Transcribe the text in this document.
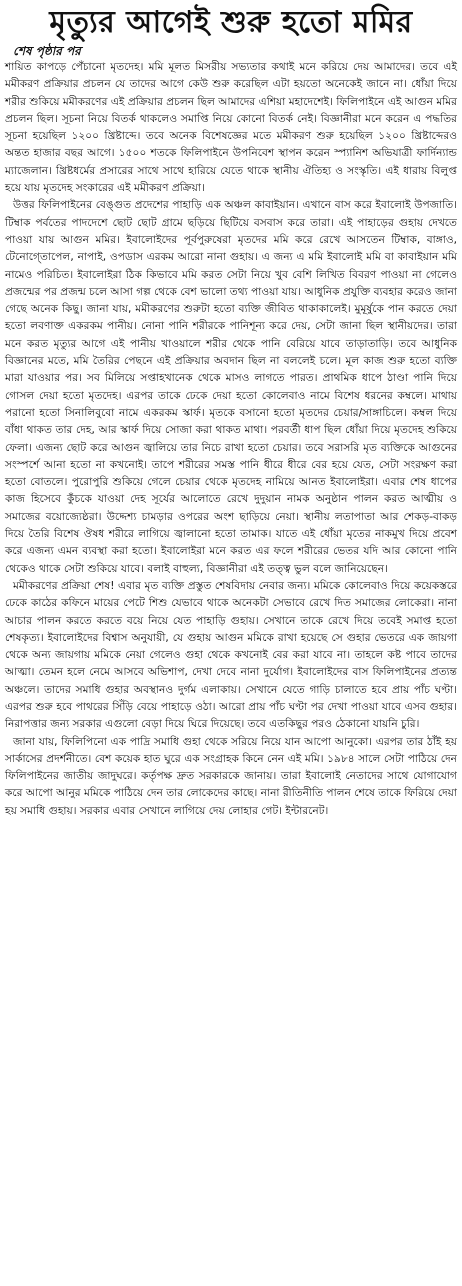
মৃত্যুর আগেই শুরু হতো মমির
শেষ পৃষ্ঠার পর

শায়িত কাপড়ে পেঁচানো মৃতদেহ। মমি মূলত মিসরীয় সভ্যতার কথাই মনে করিয়ে দেয় আমাদের। তবে এই মমীকরণ প্রক্রিয়ার প্রচলন যে তাদের আগে কেউ শুরু করেছিল এটা হয়তো অনেকেই জানে না। ধোঁয়া দিয়ে শরীর শুকিয়ে মমীকরণের এই প্রক্রিয়ার প্রচলন ছিল আমাদের এশিয়া মহাদেশেই। ফিলিপাইনে এই আগুন মমির প্রচলন ছিল। সূচনা নিয়ে বিতর্ক থাকলেও সমাপ্তি নিয়ে কোনো বিতর্ক নেই। বিজ্ঞানীরা মনে করেন এ পদ্ধতির সূচনা হয়েছিল ১২০০ খ্রিষ্টাব্দে। তবে অনেক বিশেষজ্ঞের মতে মমীকরণ শুরু হয়েছিল ১২০০ খ্রিষ্টাব্দেরও অন্তত হাজার বছর আগে। ১৫০০ শতকে ফিলিপাইনে উপনিবেশ স্থাপন করেন স্প্যানিশ অভিযাত্রী ফার্দিন্যান্ড ম্যাজেলান। খ্রিষ্টধর্মের প্রসারের সাথে সাথে হারিয়ে যেতে থাকে স্থানীয় ঐতিহ্য ও সংস্কৃতি। এই ধারায় বিলুপ্ত হয়ে যায় মৃতদেহ সংকারের এই মমীকরণ প্রক্রিয়া।

উত্তর ফিলিপাইনের বেঙ্গুত প্রদেশের পাহাড়ি এক অঞ্চল কাবাইয়ান। এখানে বাস করে ইবালোই উপজাতি। টিম্বাক পর্বতের পাদদেশে ছোট ছোট গ্রামে ছড়িয়ে ছিটিয়ে বসবাস করে তারা। এই পাহাড়ের গুহায় দেখতে পাওয়া যায় আগুন মমির। ইবালোইদের পূর্বপুরুষেরা মৃতদের মমি করে রেখে আসতেন টিম্বাক, বাঙ্গাও, টেনোগ্তোপেল, নাপাই, ওপডাস এরকম আরো নানা গুহায়। এ জন্য এ মমি ইবালোই মমি বা কাবাইয়ান মমি নামেও পরিচিত। ইবালোইরা ঠিক কিভাবে মমি করত সেটা নিয়ে খুব বেশি লিখিত বিবরণ পাওয়া না গেলেও প্রজন্মের পর প্রজন্ম চলে আসা গল্প থেকে বেশ ভালো তথ্য পাওয়া যায়। আধুনিক প্রযুক্তি ব্যবহার করেও জানা গেছে অনেক কিছু। জানা যায়, মমীকরণের শুরুটা হতো ব্যক্তি জীবিত থাকাকালেই। মুমূর্ষুকে পান করতে দেয়া হতো লবণাক্ত একরকম পানীয়। নোনা পানি শরীরকে পানিশূন্য করে দেয়, সেটা জানা ছিল স্থানীয়দের। তারা মনে করত মৃত্যুর আগে এই পানীয় খাওয়ালে শরীর থেকে পানি বেরিয়ে যাবে তাড়াতাড়ি। তবে আধুনিক বিজ্ঞানের মতে, মমি তৈরির পেছনে এই প্রক্রিয়ার অবদান ছিল না বললেই চলে। মূল কাজ শুরু হতো ব্যক্তি মারা যাওয়ার পর। সব মিলিয়ে সপ্তাহখানেক থেকে মাসও লাগতে পারত। প্রাথমিক ধাপে ঠাণ্ডা পানি দিয়ে গোসল দেয়া হতো মৃতদেহ। এরপর তাকে ঢেকে দেয়া হতো কোলেবাও নামে বিশেষ ধরনের কম্বলে। মাথায় পরানো হতো সিনালিবুবো নামে একরকম স্কার্ফ। মৃতকে বসানো হতো মৃতদের চেয়ার/সাঙ্গাচিলে। কম্বল দিয়ে বাঁধা থাকত তার দেহ, আর স্কার্ফ দিয়ে সোজা করা থাকত মাথা। পরবর্তী ধাপ ছিল ধোঁয়া দিয়ে মৃতদেহ শুকিয়ে ফেলা। এজন্য ছোট করে আগুন জ্বালিয়ে তার নিচে রাখা হতো চেয়ার। তবে সরাসরি মৃত ব্যক্তিকে আগুনের সংস্পর্শে আনা হতো না কখনোই। তাপে শরীরের সমস্ত পানি ধীরে ধীরে বের হয়ে যেত, সেটা সংরক্ষণ করা হতো বোতলে। পুরোপুরি শুকিয়ে গেলে চেয়ার থেকে মৃতদেহ নামিয়ে আনত ইবালোইরা। এবার শেষ ধাপের কাজ হিসেবে কুঁচকে যাওয়া দেহ সূর্যের আলোতে রেখে দুদুয়ান নামক অনুষ্ঠান পালন করত আত্মীয় ও সমাজের বয়োজ্যেষ্ঠরা। উদ্দেশ্য চামড়ার ওপরের অংশ ছাড়িয়ে নেয়া। স্থানীয় লতাপাতা আর শেকড়-বাকড় দিয়ে তৈরি বিশেষ ঔষধ শরীরে লাগিয়ে জ্বালানো হতো তামাক। যাতে এই ধোঁয়া মৃতের নাকমুখ দিয়ে প্রবেশ করে এজন্য এমন ব্যবস্থা করা হতো। ইবালোইরা মনে করত এর ফলে শরীরের ভেতর যদি আর কোনো পানি থেকেও থাকে সেটা শুকিয়ে যাবে। বলাই বাহুল্য, বিজ্ঞানীরা এই তত্ত্ব ভুল বলে জানিয়েছেন।

মমীকরণের প্রক্রিয়া শেষ! এবার মৃত ব্যক্তি প্রস্তুত শেষবিদায় নেবার জন্য। মমিকে কোলেবাও দিয়ে কয়েকস্তরে ঢেকে কাঠের কফিনে মায়ের পেটে শিশু যেভাবে থাকে অনেকটা সেভাবে রেখে দিত সমাজের লোকেরা। নানা আচার পালন করতে করতে বয়ে নিয়ে যেত পাহাড়ি গুহায়। সেখানে তাকে রেখে দিয়ে তবেই সমাপ্ত হতো শেষকৃত্য। ইবালোইদের বিশ্বাস অনুযায়ী, যে গুহায় আগুন মমিকে রাখা হয়েছে সে গুহার ভেতরে এক জায়গা থেকে অন্য জায়গায় মমিকে নেয়া গেলেও গুহা থেকে কখনোই বের করা যাবে না। তাহলে কষ্ট পাবে তাদের আত্মা। তেমন হলে নেমে আসবে অভিশাপ, দেখা দেবে নানা দুর্যোগ। ইবালোইদের বাস ফিলিপাইনের প্রত্যন্ত অঞ্চলে। তাদের সমাধি গুহার অবস্থানও দুর্গম এলাকায়। সেখানে যেতে গাড়ি চালাতে হবে প্রায় পাঁচ ঘণ্টা। এরপর শুরু হবে পাথরের সিঁড়ি বেয়ে পাহাড়ে ওঠা। আরো প্রায় পাঁচ ঘণ্টা পর দেখা পাওয়া যাবে এসব গুহার। নিরাপত্তার জন্য সরকার এগুলো বেড়া দিয়ে ঘিরে দিয়েছে। তবে এতকিছুর পরও ঠেকানো যায়নি চুরি।

জানা যায়, ফিলিপিনো এক পাদ্রি সমাধি গুহা থেকে সরিয়ে নিয়ে যান আপো আনুকো। এরপর তার ঠাঁই হয় সার্কাসের প্রদর্শনীতে। বেশ কয়েক হাত ঘুরে এক সংগ্রাহক কিনে নেন এই মমি। ১৯৮৪ সালে সেটা পাঠিয়ে দেন ফিলিপাইনের জাতীয় জাদুঘরে। কর্তৃপক্ষ দ্রুত সরকারকে জানায়। তারা ইবালোই নেতাদের সাথে যোগাযোগ করে আপো আনুর মমিকে পাঠিয়ে দেন তার লোকেদের কাছে। নানা রীতিনীতি পালন শেষে তাকে ফিরিয়ে দেয়া হয় সমাধি গুহায়। সরকার এবার সেখানে লাগিয়ে দেয় লোহার গেট। ইন্টারনেট।
